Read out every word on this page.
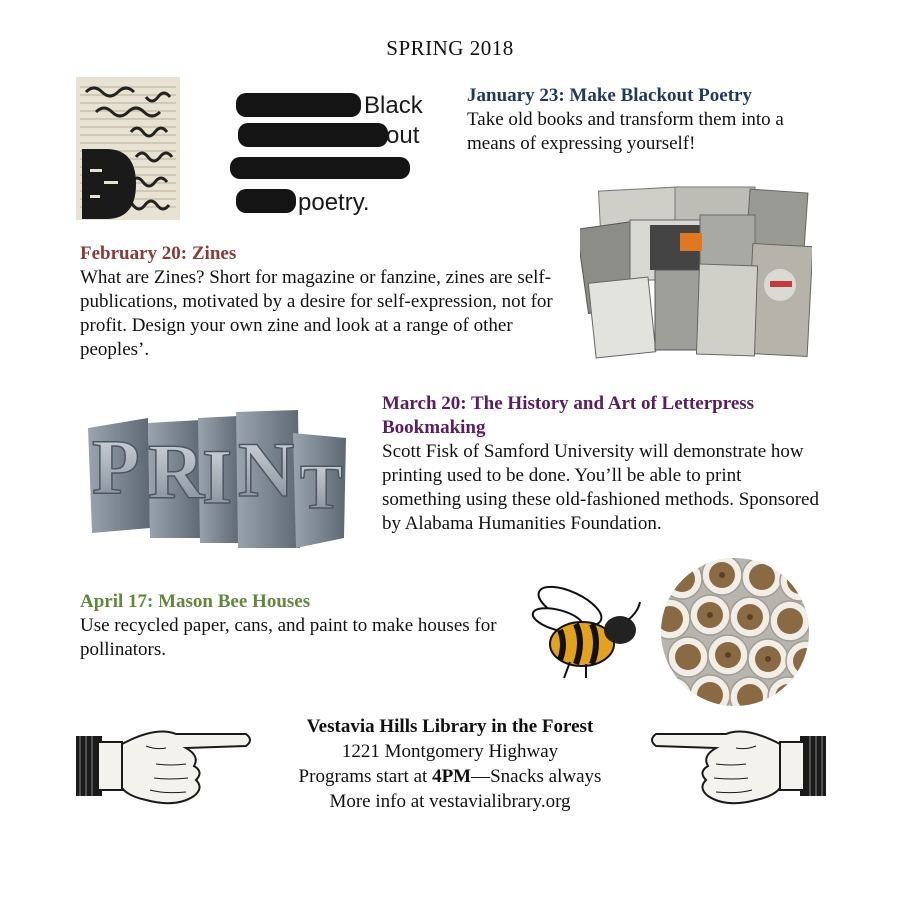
SPRING 2018
Black
out
poetry.
January 23: Make Blackout Poetry
Take old books and transform them into a means of expressing yourself!
February 20: Zines
What are Zines? Short for magazine or fanzine, zines are self-publications, motivated by a desire for self-expression, not for profit. Design your own zine and look at a range of other peoples’.
P R
I N T
March 20: The History and Art of Letterpress Bookmaking
Scott Fisk of Samford University will demonstrate how printing used to be done. You’ll be able to print something using these old-fashioned methods. Sponsored by Alabama Humanities Foundation.
April 17: Mason Bee Houses
Use recycled paper, cans, and paint to make houses for pollinators.
Vestavia Hills Library in the Forest
1221 Montgomery Highway
Programs start at 4PM—Snacks always
More info at vestavialibrary.org
